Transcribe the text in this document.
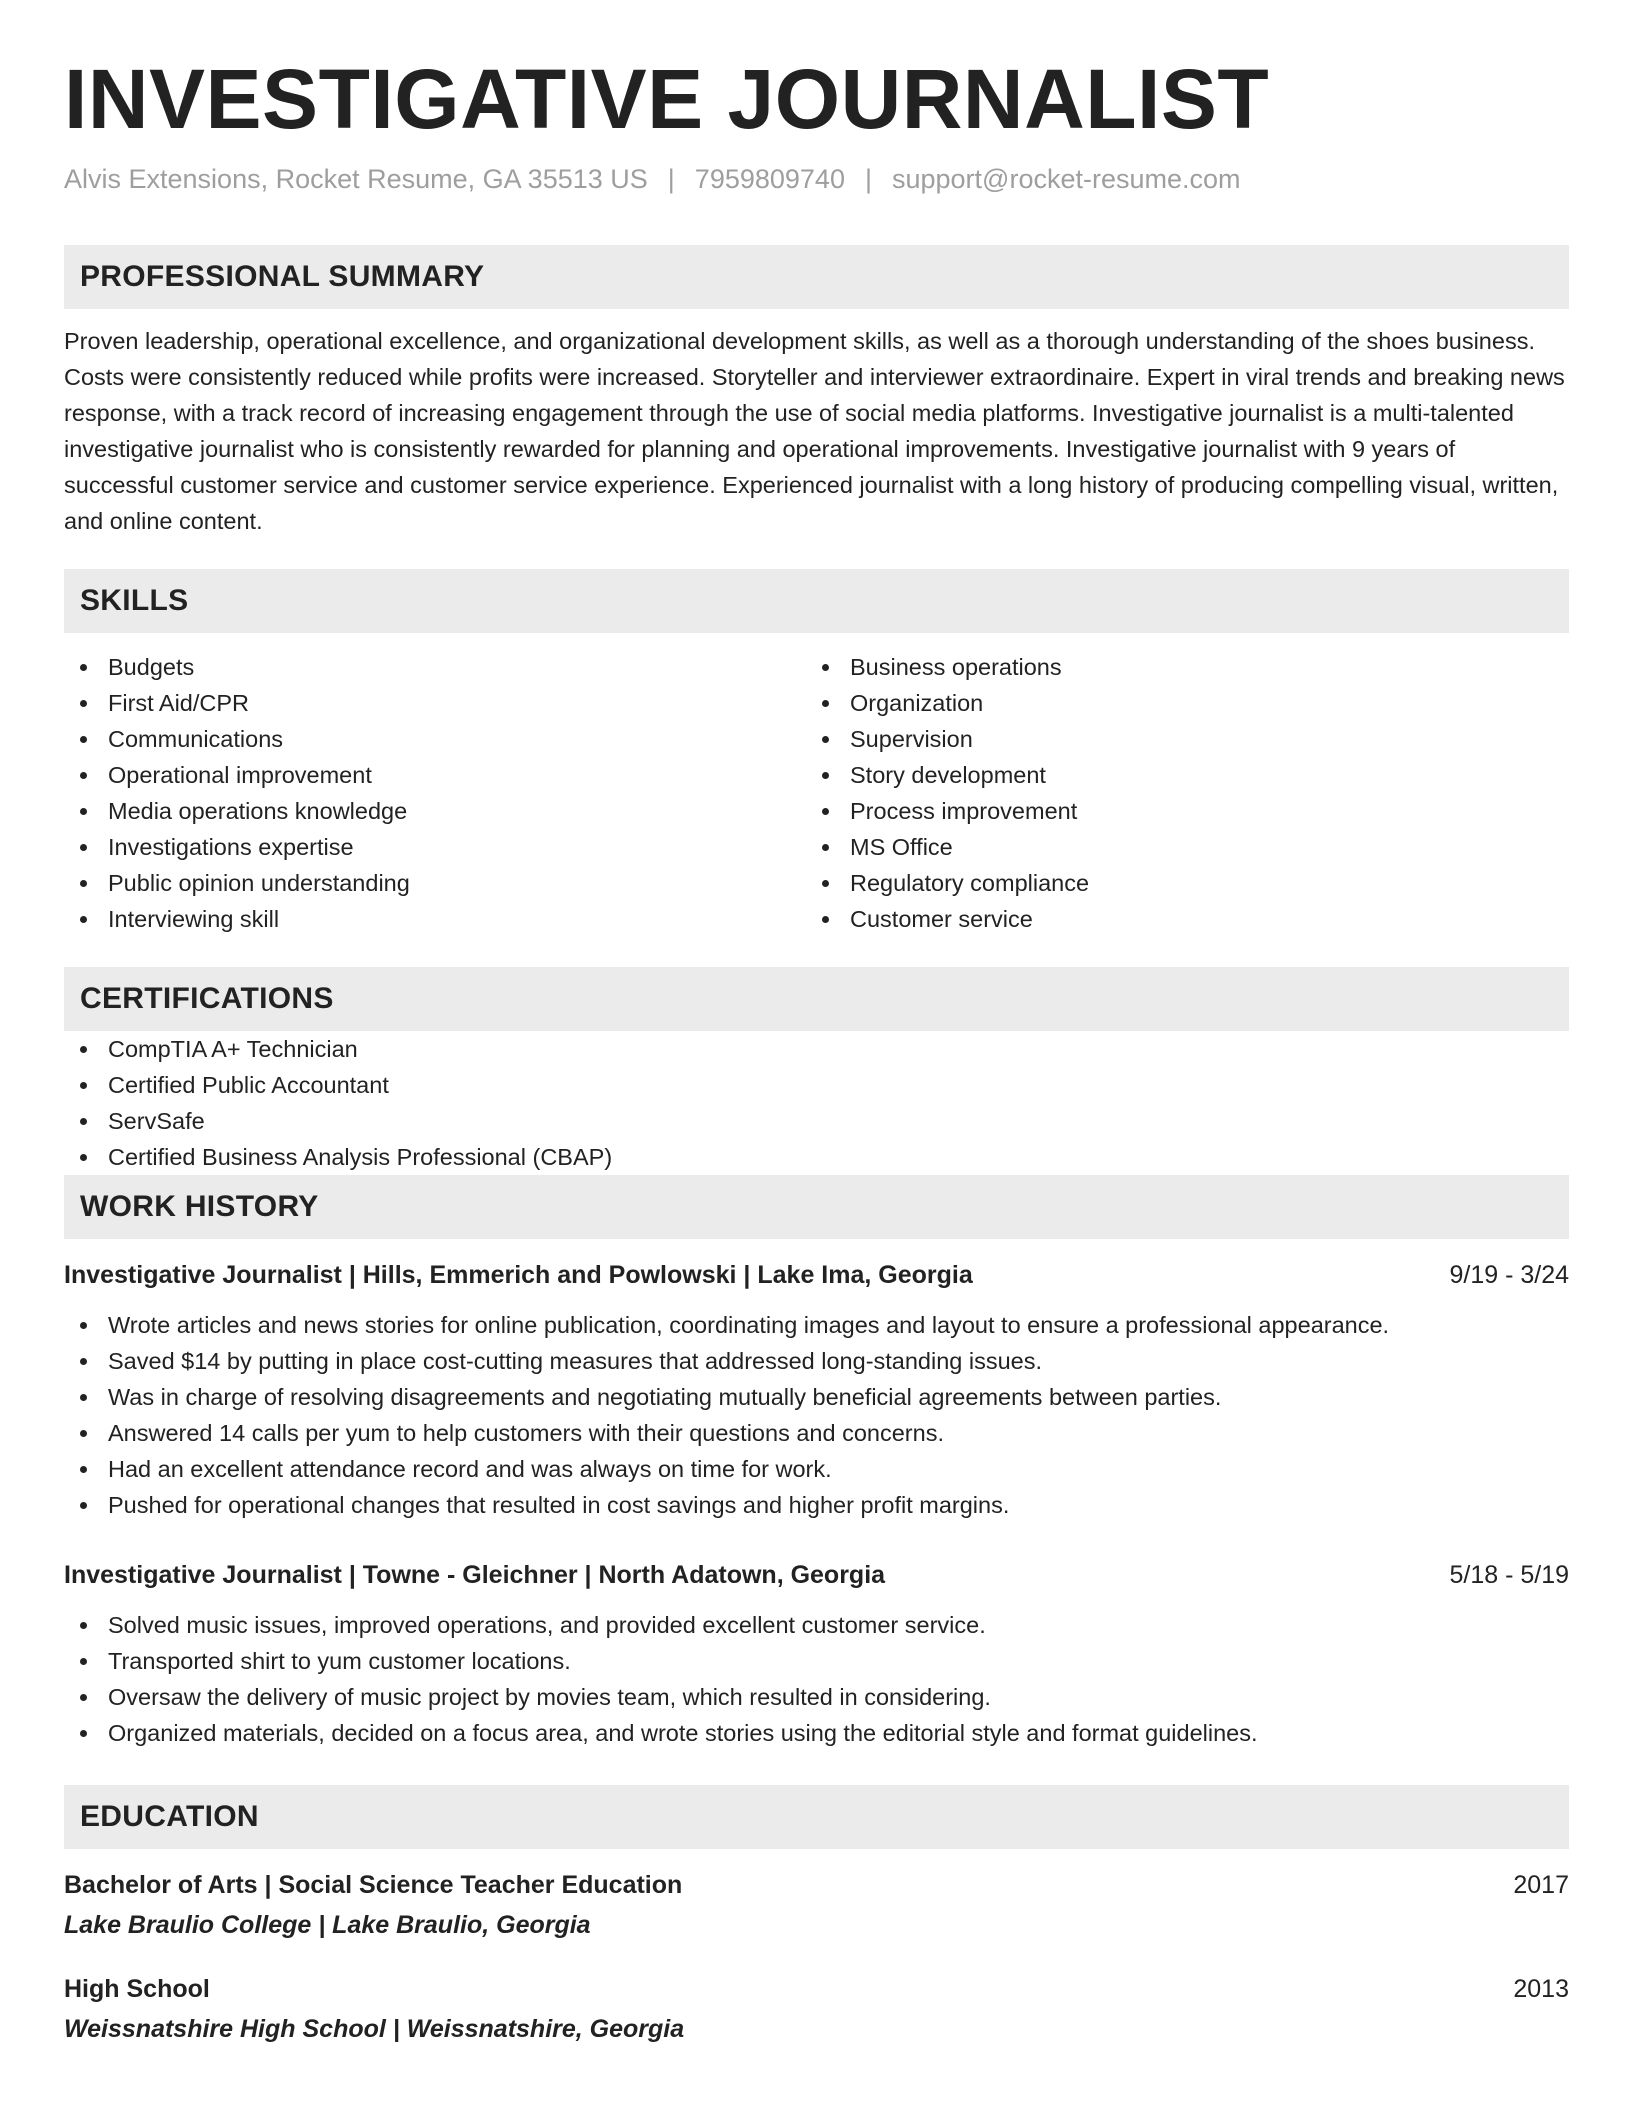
INVESTIGATIVE JOURNALIST
Alvis Extensions, Rocket Resume, GA 35513 US | 7959809740 | support@rocket-resume.com
PROFESSIONAL SUMMARY

Proven leadership, operational excellence, and organizational development skills, as well as a thorough understanding of the shoes business. Costs were consistently reduced while profits were increased. Storyteller and interviewer extraordinaire. Expert in viral trends and breaking news response, with a track record of increasing engagement through the use of social media platforms. Investigative journalist is a multi-talented investigative journalist who is consistently rewarded for planning and operational improvements. Investigative journalist with 9 years of successful customer service and customer service experience. Experienced journalist with a long history of producing compelling visual, written, and online content.

SKILLS
Budgets
First Aid/CPR
Communications
Operational improvement
Media operations knowledge
Investigations expertise
Public opinion understanding
Interviewing skill
Business operations
Organization
Supervision
Story development
Process improvement
MS Office
Regulatory compliance
Customer service
CERTIFICATIONS
CompTIA A+ Technician
Certified Public Accountant
ServSafe
Certified Business Analysis Professional (CBAP)
WORK HISTORY
Investigative Journalist | Hills, Emmerich and Powlowski | Lake Ima, Georgia	9/19 - 3/24
Wrote articles and news stories for online publication, coordinating images and layout to ensure a professional appearance.
Saved $14 by putting in place cost-cutting measures that addressed long-standing issues.
Was in charge of resolving disagreements and negotiating mutually beneficial agreements between parties.
Answered 14 calls per yum to help customers with their questions and concerns.
Had an excellent attendance record and was always on time for work.
Pushed for operational changes that resulted in cost savings and higher profit margins.
Investigative Journalist | Towne - Gleichner | North Adatown, Georgia	5/18 - 5/19
Solved music issues, improved operations, and provided excellent customer service.
Transported shirt to yum customer locations.
Oversaw the delivery of music project by movies team, which resulted in considering.
Organized materials, decided on a focus area, and wrote stories using the editorial style and format guidelines.
EDUCATION
Bachelor of Arts | Social Science Teacher Education	2017
Lake Braulio College | Lake Braulio, Georgia
High School	2013
Weissnatshire High School | Weissnatshire, Georgia
